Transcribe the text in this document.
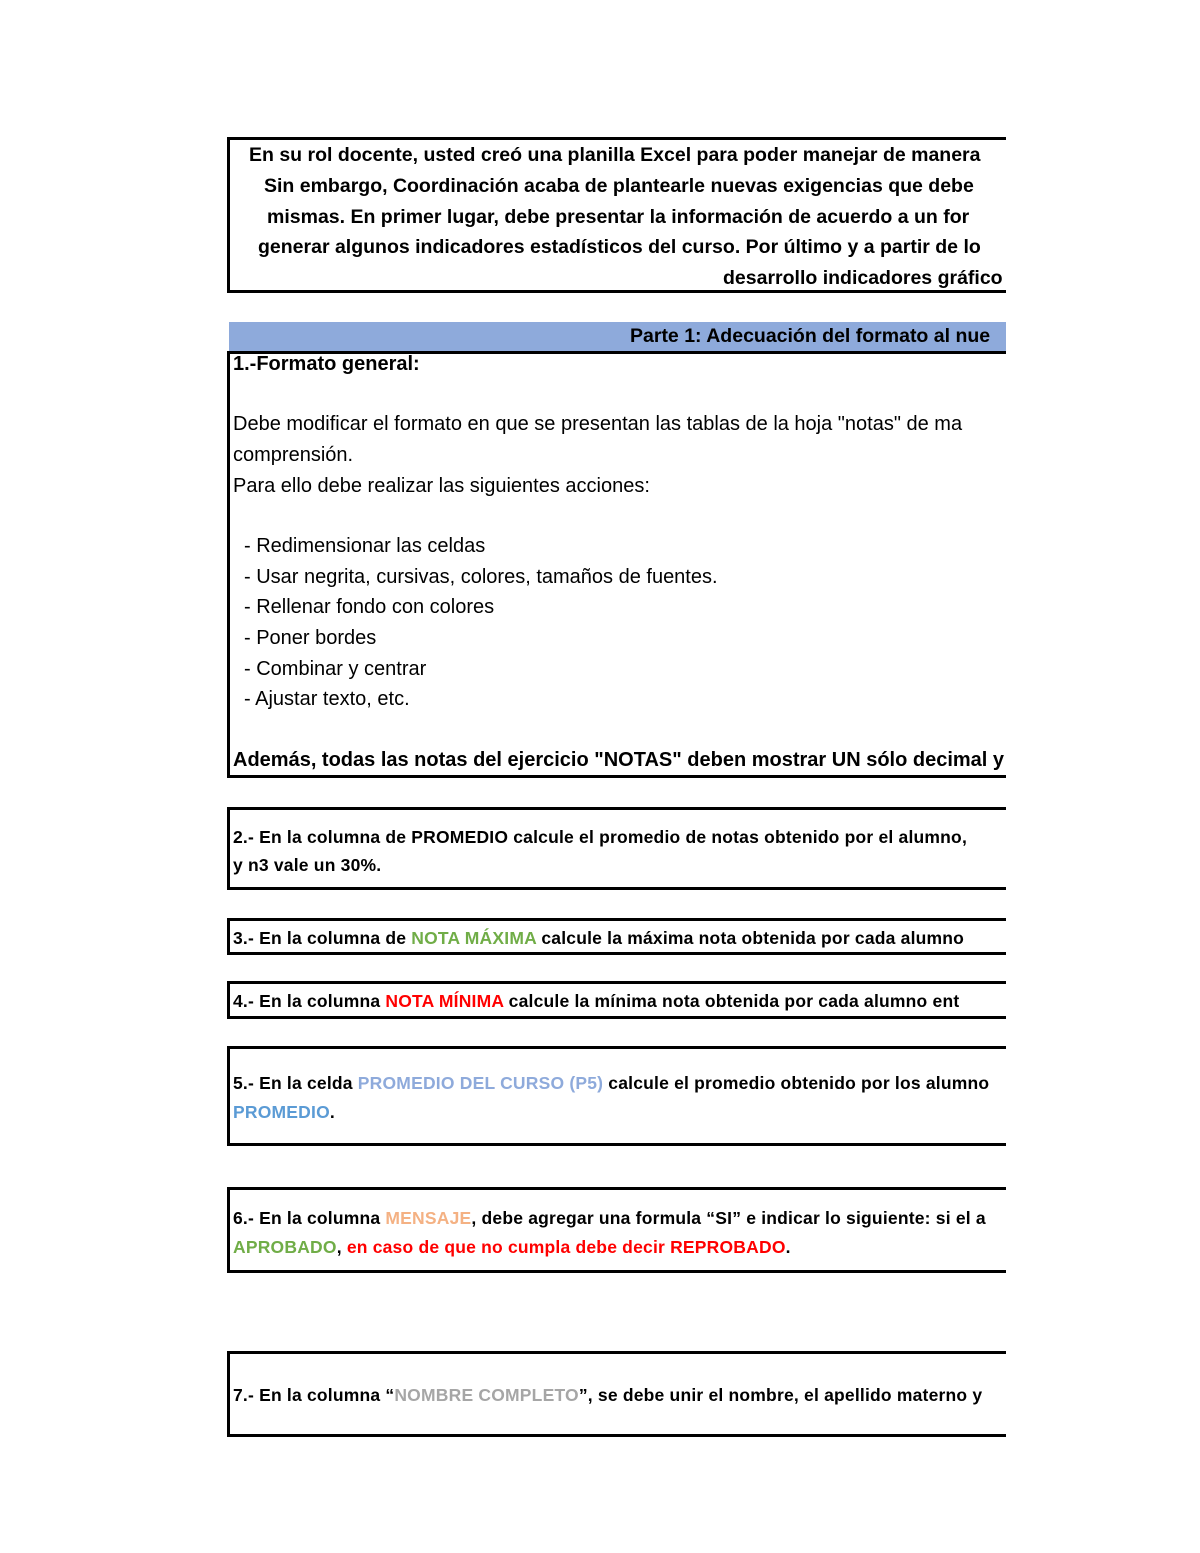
En su rol docente, usted creó una planilla Excel para poder manejar de manera
Sin embargo, Coordinación acaba de plantearle nuevas exigencias que debe
mismas. En primer lugar, debe presentar la información de acuerdo a un for
generar algunos indicadores estadísticos del curso. Por último y a partir de lo
desarrollo indicadores gráfico
Parte 1: Adecuación del formato al nue
1.-Formato general:
Debe modificar el formato en que se presentan las tablas de la hoja "notas" de ma
comprensión.
Para ello debe realizar las siguientes acciones:
- Redimensionar las celdas
- Usar negrita, cursivas, colores, tamaños de fuentes.
- Rellenar fondo con colores
- Poner bordes
- Combinar y centrar
- Ajustar texto, etc.
Además, todas las notas del ejercicio "NOTAS" deben mostrar UN sólo decimal y
2.- En la columna de PROMEDIO calcule el promedio de notas obtenido por el alumno,
y n3 vale un 30%.
3.- En la columna de NOTA MÁXIMA calcule la máxima nota obtenida por cada alumno
4.- En la columna NOTA MÍNIMA calcule la mínima nota obtenida por cada alumno ent
5.- En la celda PROMEDIO DEL CURSO (P5) calcule el promedio obtenido por los alumno
PROMEDIO.
6.- En la columna MENSAJE, debe agregar una formula “SI” e indicar lo siguiente: si el a
APROBADO, en caso de que no cumpla debe decir REPROBADO.
7.- En la columna “NOMBRE COMPLETO”, se debe unir el nombre, el apellido materno y
